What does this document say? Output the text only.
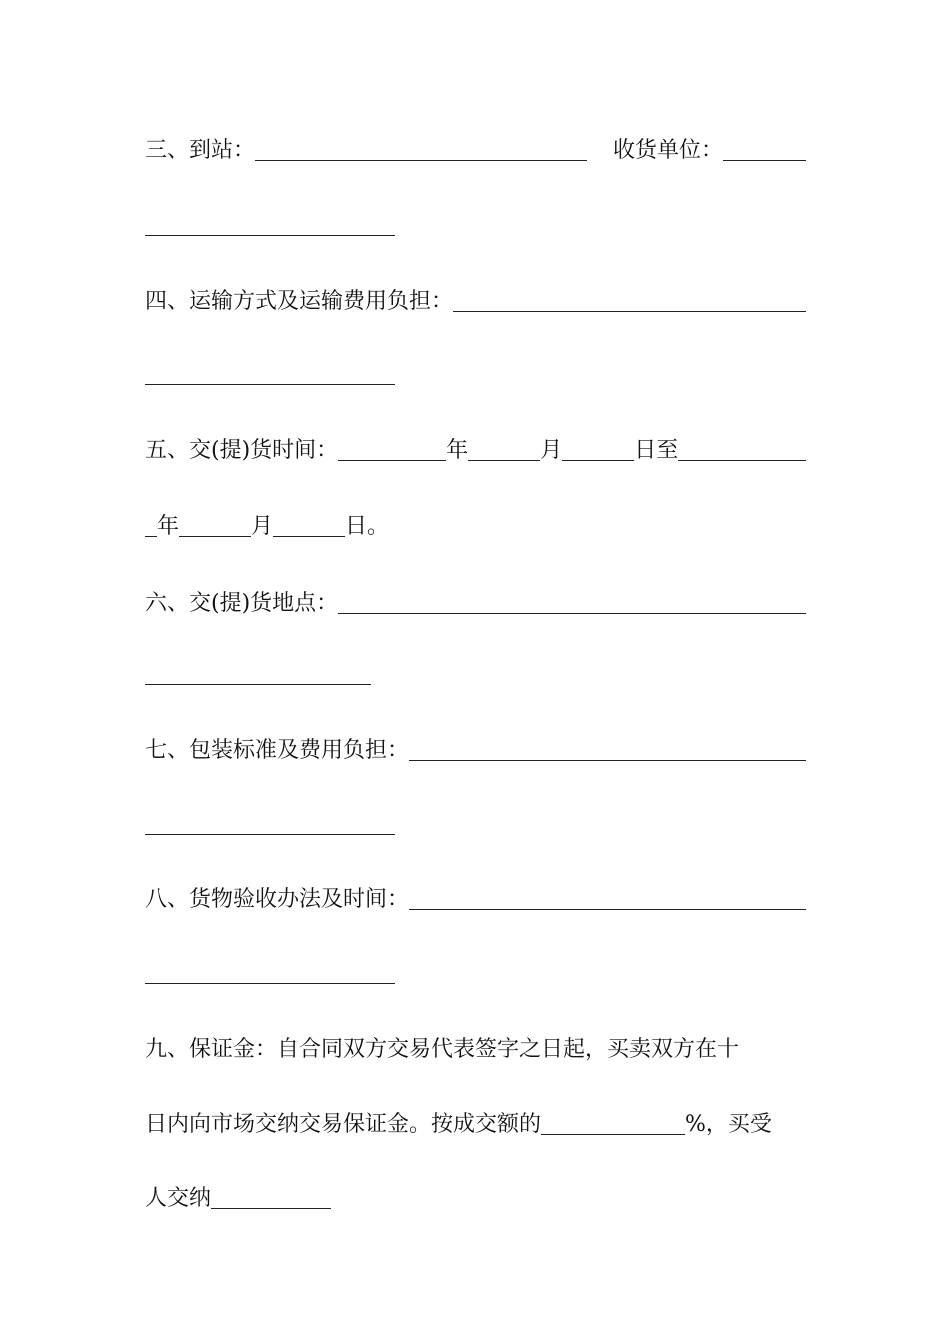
三、到站：	收货单位：
四、运输方式及运输费用负担：
五、交(提)货时间：	年	月	日至
年	月	日。
六、交(提)货地点：
七、包装标准及费用负担：
八、货物验收办法及时间：
九、保证金：自合同双方交易代表签字之日起，买卖双方在十
日内向市场交纳交易保证金。按成交额的	%，买受
人交纳
